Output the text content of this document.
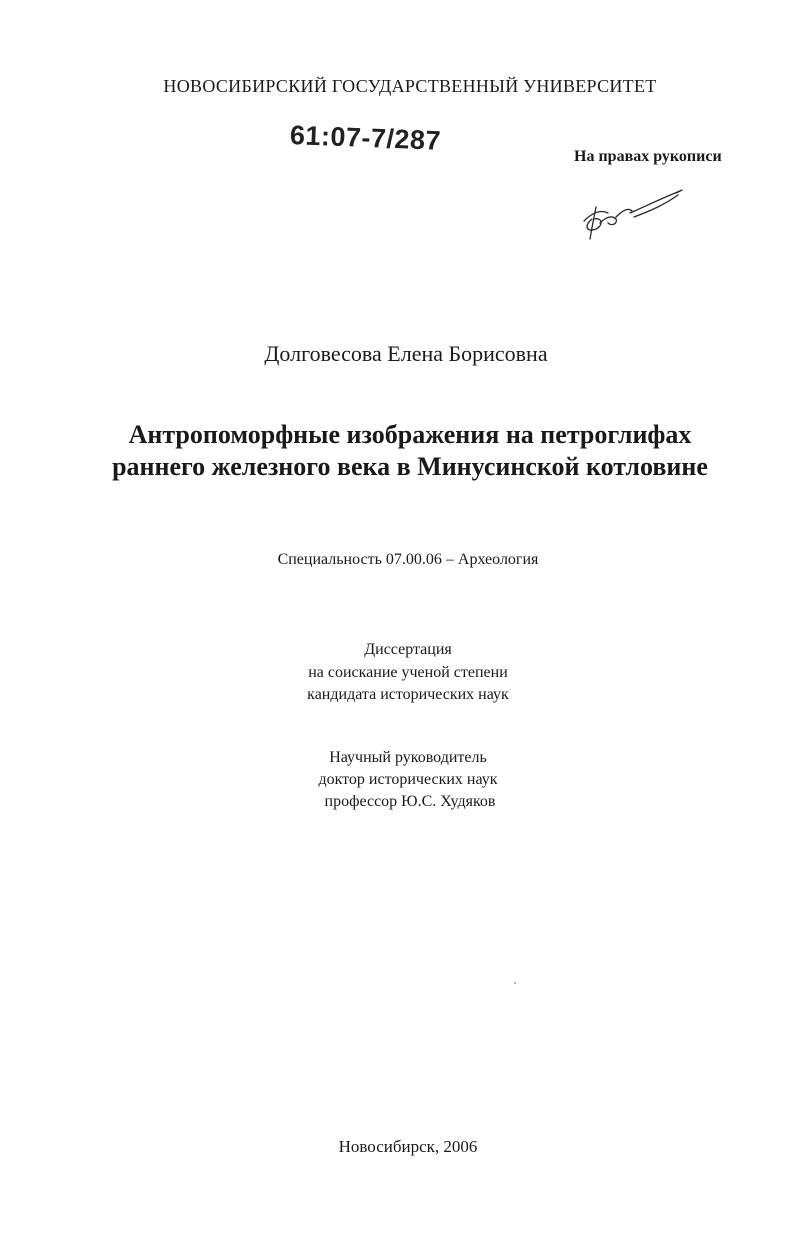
НОВОСИБИРСКИЙ ГОСУДАРСТВЕННЫЙ УНИВЕРСИТЕТ
61:07-7/287
На правах рукописи
Долговесова Елена Борисовна
Антропоморфные изображения на петроглифах
раннего железного века в Минусинской котловине
Специальность 07.00.06 – Археология
Диссертация
на соискание ученой степени
кандидата исторических наук
Научный руководитель
доктор исторических наук
профессор Ю.С. Худяков
Новосибирск, 2006
